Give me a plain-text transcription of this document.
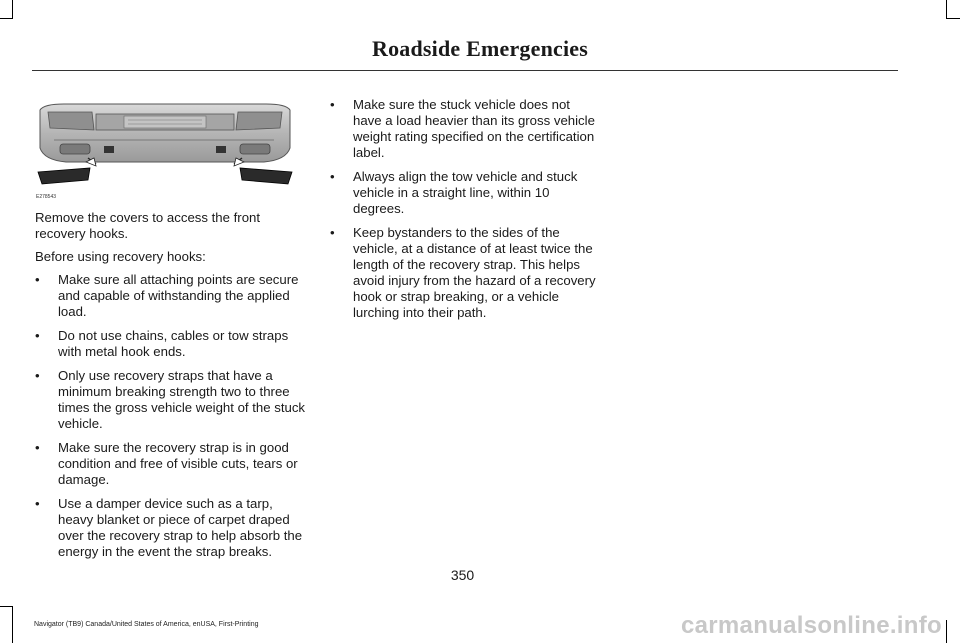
Roadside Emergencies
E278543

Remove the covers to access the front recovery hooks.

Before using recovery hooks:

• Make sure all attaching points are secure and capable of withstanding the applied load.
• Do not use chains, cables or tow straps with metal hook ends.
• Only use recovery straps that have a minimum breaking strength two to three times the gross vehicle weight of the stuck vehicle.
• Make sure the recovery strap is in good condition and free of visible cuts, tears or damage.
• Use a damper device such as a tarp, heavy blanket or piece of carpet draped over the recovery strap to help absorb the energy in the event the strap breaks.
• Make sure the stuck vehicle does not have a load heavier than its gross vehicle weight rating specified on the certification label.
• Always align the tow vehicle and stuck vehicle in a straight line, within 10 degrees.
• Keep bystanders to the sides of the vehicle, at a distance of at least twice the length of the recovery strap. This helps avoid injury from the hazard of a recovery hook or strap breaking, or a vehicle lurching into their path.
350
Navigator (TB9) Canada/United States of America, enUSA, First-Printing	carmanualsonline.info
